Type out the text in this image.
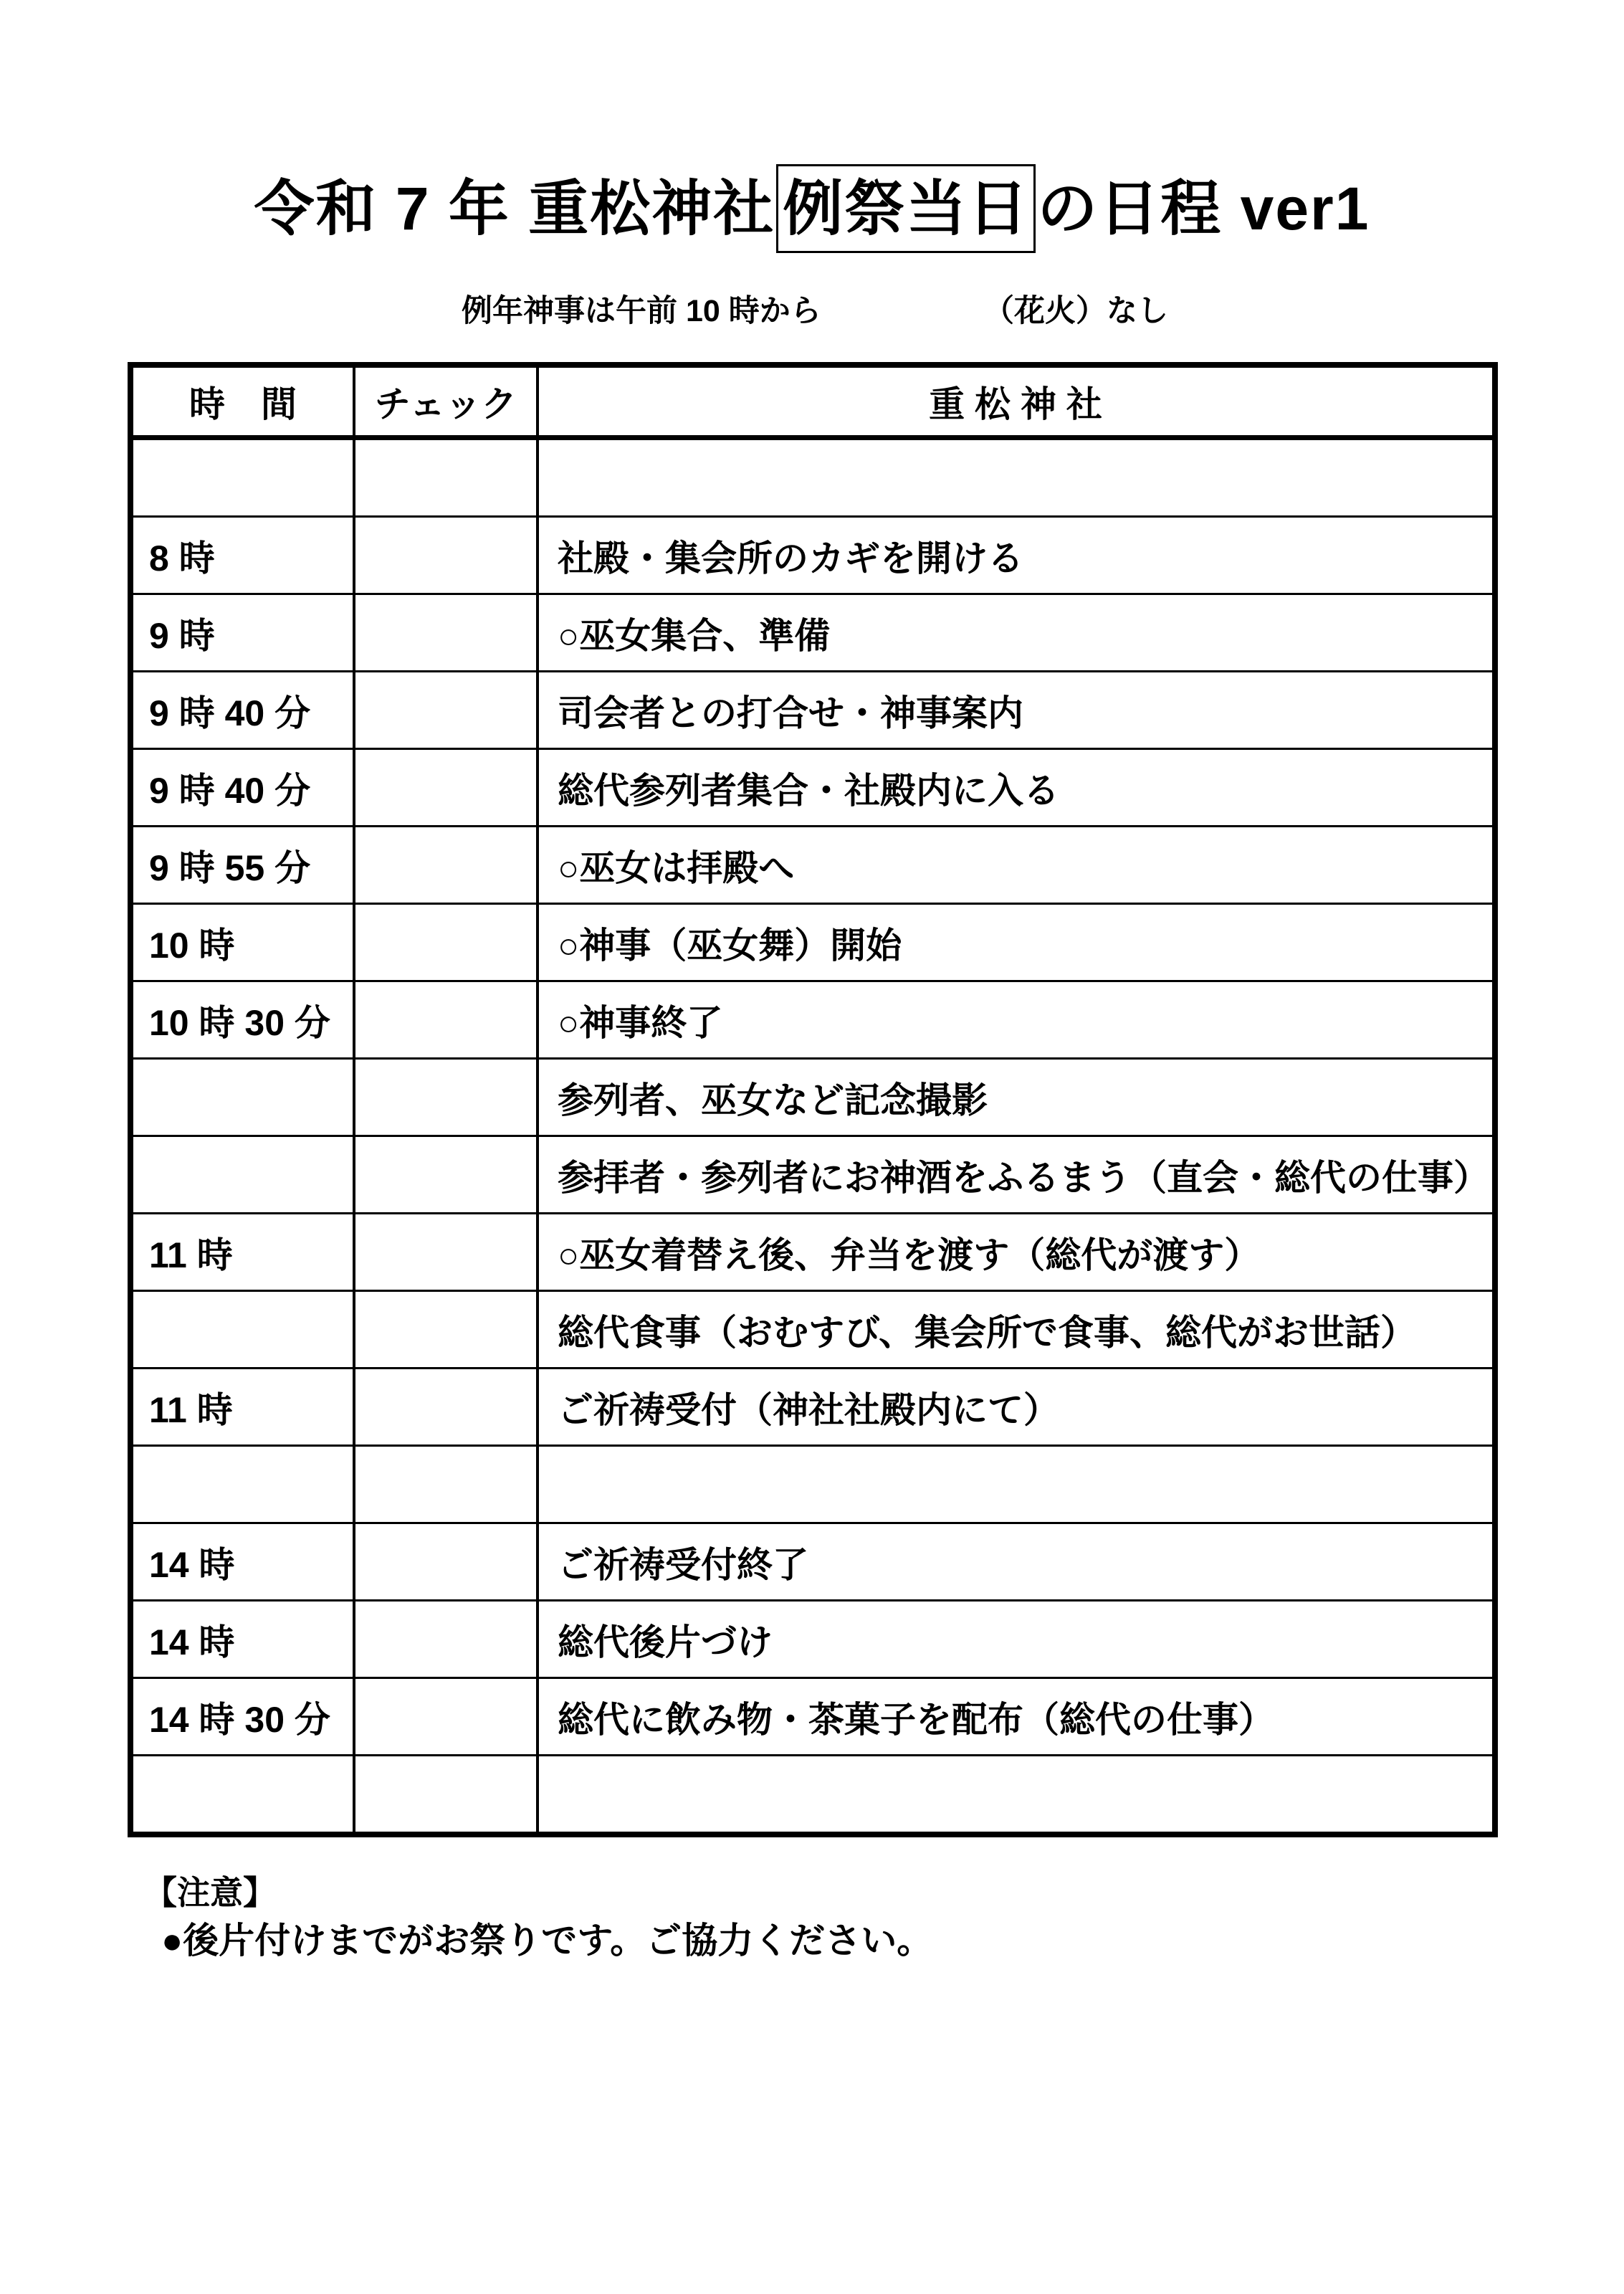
令和 7 年 重松神社 例祭当日 の日程 ver1
例年神事は午前 10 時から	（花火）なし
時　間	チェック	重 松 神 社

8 時		社殿・集会所のカギを開ける
9 時		○巫女集合、準備
9 時 40 分		司会者との打合せ・神事案内
9 時 40 分		総代参列者集合・社殿内に入る
9 時 55 分		○巫女は拝殿へ
10 時		○神事（巫女舞）開始
10 時 30 分		○神事終了
		参列者、巫女など記念撮影
		参拝者・参列者にお神酒をふるまう（直会・総代の仕事）
11 時		○巫女着替え後、弁当を渡す（総代が渡す）
		総代食事（おむすび、集会所で食事、総代がお世話）
11 時		ご祈祷受付（神社社殿内にて）

14 時		ご祈祷受付終了
14 時		総代後片づけ
14 時 30 分		総代に飲み物・茶菓子を配布（総代の仕事）

【注意】
●後片付けまでがお祭りです。ご協力ください。
